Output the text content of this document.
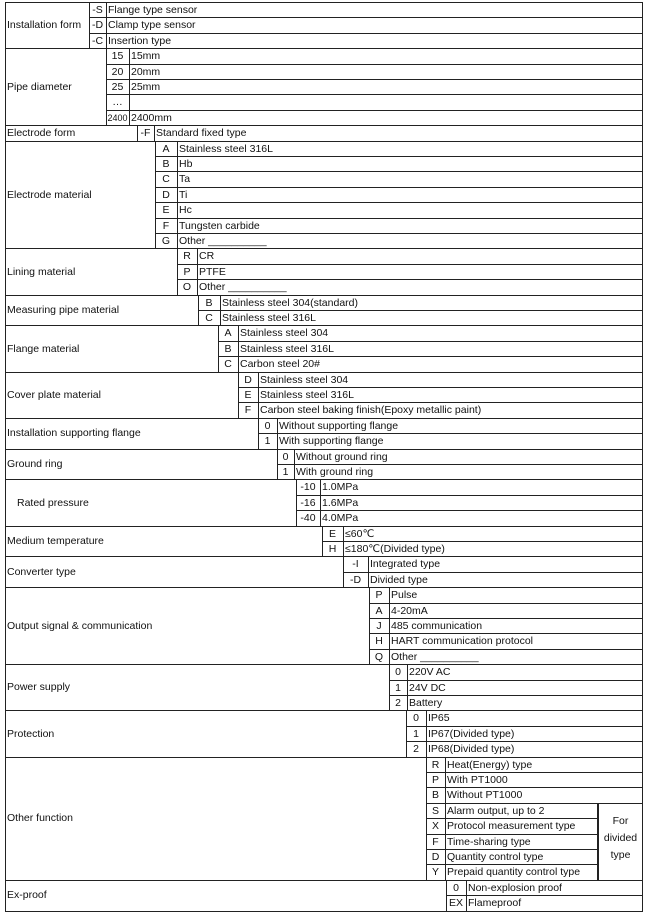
Installation form
-S Flange type sensor
-D Clamp type sensor
-C Insertion type
Pipe diameter
15 15mm
20 20mm
25 25mm
…
2400 2400mm
Electrode form	-F Standard fixed type
Electrode material
A Stainless steel 316L
B Hb
C Ta
D Ti
E Hc
F Tungsten carbide
G Other __________
Lining material
R CR
P PTFE
O Other __________
Measuring pipe material
B Stainless steel 304(standard)
C Stainless steel 316L
Flange material
A Stainless steel 304
B Stainless steel 316L
C Carbon steel 20#
Cover plate material
D Stainless steel 304
E Stainless steel 316L
F Carbon steel baking finish(Epoxy metallic paint)
Installation supporting flange
0 Without supporting flange
1 With supporting flange
Ground ring
0 Without ground ring
1 With ground ring
Rated pressure
-10 1.0MPa
-16 1.6MPa
-40 4.0MPa
Medium temperature
E ≤60℃
H ≤180℃(Divided type)
Converter type
-I	Integrated type
-D Divided type
Output signal & communication
P Pulse
A 4-20mA
J 485 communication
H HART communication protocol
Q Other __________
Power supply
0 220V AC
1 24V DC
2 Battery
Protection
0 IP65
1 IP67(Divided type)
2 IP68(Divided type)
Other function
R Heat(Energy) type
P With PT1000
B Without PT1000
S Alarm output, up to 2
X Protocol measurement type
F Time-sharing type
D Quantity control type
Y Prepaid quantity control type
For
divided
type
Ex-proof
0 Non-explosion proof
EX Flameproof
